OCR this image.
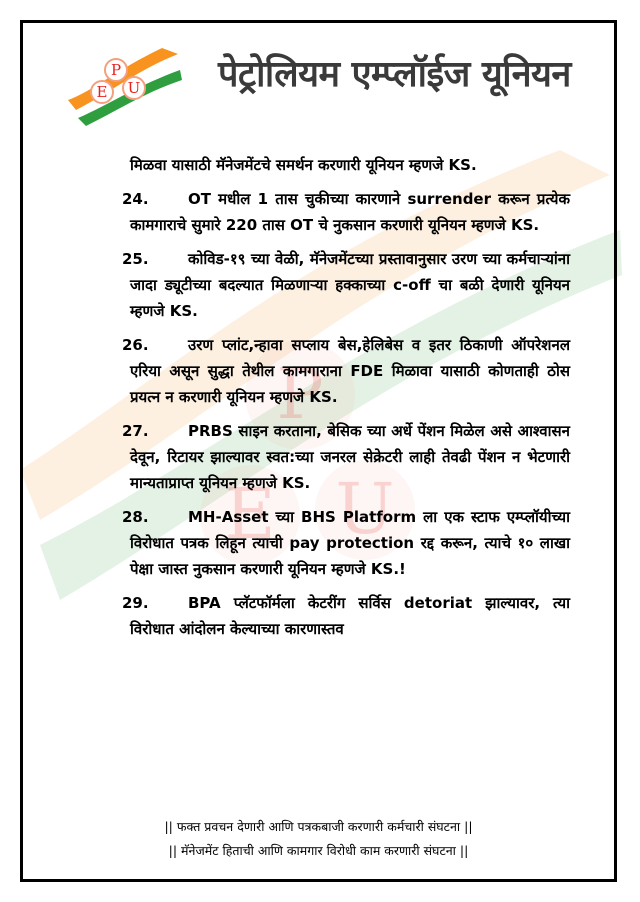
P
E U
P
E U पेट्रोलियम एम्प्लॉईज यूनियन
मिळवा यासाठी मॅनेजमेंटचे समर्थन करणारी यूनियन म्हणजे KS.
24.	OT मधील 1 तास चुकीच्या कारणाने surrender करून प्रत्येक कामगाराचे सुमारे 220 तास OT चे नुकसान करणारी यूनियन म्हणजे KS.
25.	कोविड-१९ च्या वेळी, मॅनेजमेंटच्या प्रस्तावानुसार उरण च्या कर्मचाऱ्यांना जादा ड्यूटीच्या बदल्यात मिळणाऱ्या हक्काच्या c-off चा बळी देणारी यूनियन म्हणजे KS.
26.	उरण प्लांट,न्हावा सप्लाय बेस,हेलिबेस व इतर ठिकाणी ऑपरेशनल एरिया असून सुद्धा तेथील कामगाराना FDE मिळावा यासाठी कोणताही ठोस प्रयत्न न करणारी यूनियन म्हणजे KS.
27.	PRBS साइन करताना, बेसिक च्या अर्धे पेंशन मिळेल असे आश्वासन देवून, रिटायर झाल्यावर स्वत:च्या जनरल सेक्रेटरी लाही तेवढी पेंशन न भेटणारी मान्यताप्राप्त यूनियन म्हणजे KS.
28.	MH-Asset च्या BHS Platform ला एक स्टाफ एम्प्लॉयीच्या विरोधात पत्रक लिहून त्याची pay protection रद्द करून, त्याचे १० लाखा पेक्षा जास्त नुकसान करणारी यूनियन म्हणजे KS.!
29.	BPA प्लॅटफॉर्मला केटरींग सर्विस detoriat झाल्यावर, त्या विरोधात आंदोलन केल्याच्या कारणास्तव
|| फक्त प्रवचन देणारी आणि पत्रकबाजी करणारी कर्मचारी संघटना ||
|| मॅनेजमेंट हिताची आणि कामगार विरोधी काम करणारी संघटना ||
